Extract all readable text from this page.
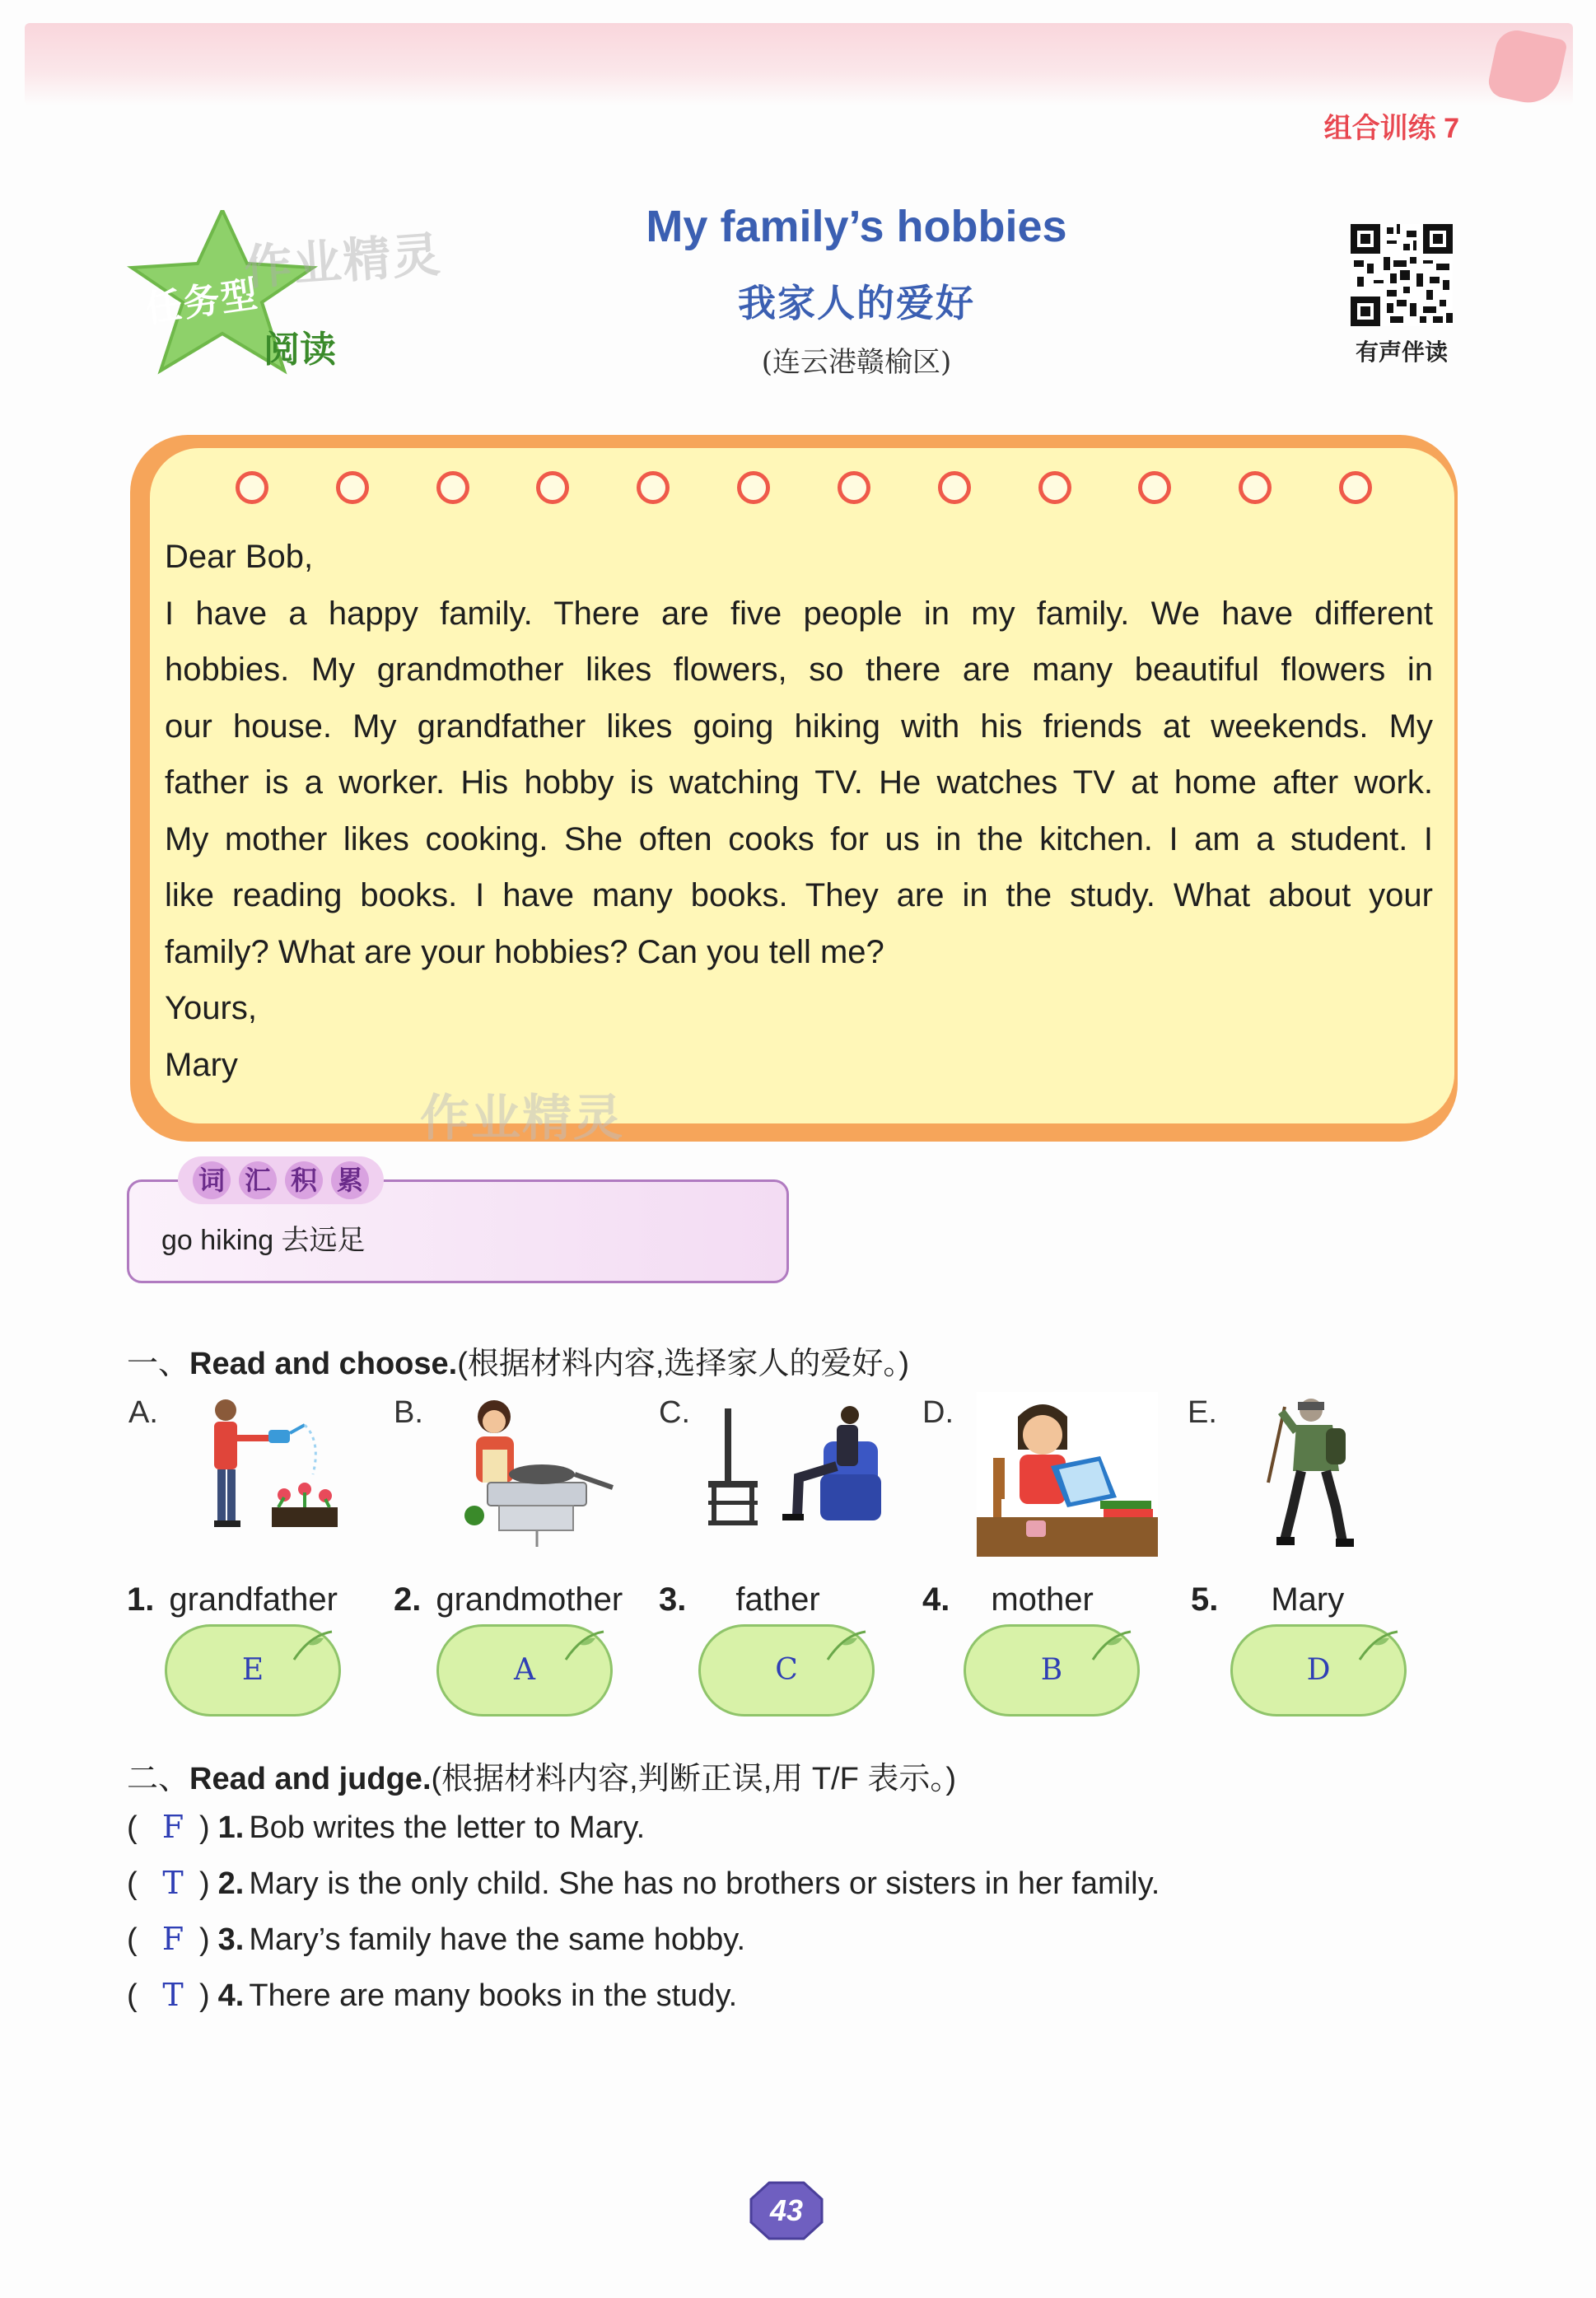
组合训练 7
任务型
阅读
作业精灵
My family’s hobbies
我家人的爱好
(连云港赣榆区)	有声伴读

Dear Bob,

I have a happy family. There are five people in my family. We have different

hobbies. My grandmother likes flowers, so there are many beautiful flowers in

our house. My grandfather likes going hiking with his friends at weekends. My

father is a worker. His hobby is watching TV. He watches TV at home after work.

My mother likes cooking. She often cooks for us in the kitchen. I am a student. I

like reading books. I have many books. They are in the study. What about your

family? What are your hobbies? Can you tell me?

Yours,

Mary

作业精灵
词 汇 积 累
go hiking 去远足
一、Read and choose.(根据材料内容,选择家人的爱好。)
A.	B.	C.	D.	E.
1. grandfather 2. grandmother 3. father	4. mother	5. Mary
E	A	C	B	D
二、Read and judge.(根据材料内容,判断正误,用 T/F 表示。)
( F ) 1. Bob writes the letter to Mary.
( T ) 2. Mary is the only child. She has no brothers or sisters in her family.
( F ) 3. Mary’s family have the same hobby.
( T ) 4. There are many books in the study.
43
